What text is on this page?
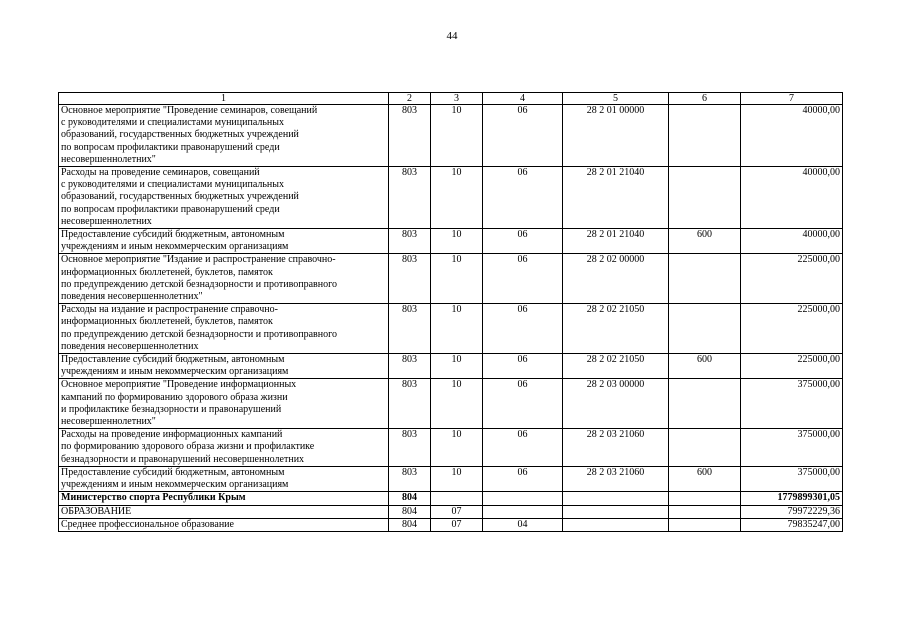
44
1	2	3	4	5	6	7
Основное мероприятие "Проведение семинаров, совещаний
с руководителями и специалистами муниципальных
образований, государственных бюджетных учреждений
по вопросам профилактики правонарушений среди
несовершеннолетних"	803	10	06	28 2 01 00000		40000,00
Расходы на проведение семинаров, совещаний
с руководителями и специалистами муниципальных
образований, государственных бюджетных учреждений
по вопросам профилактики правонарушений среди
несовершеннолетних	803	10	06	28 2 01 21040		40000,00
Предоставление субсидий бюджетным, автономным
учреждениям и иным некоммерческим организациям	803	10	06	28 2 01 21040	600	40000,00
Основное мероприятие "Издание и распространение справочно-
информационных бюллетеней, буклетов, памяток
по предупреждению детской безнадзорности и противоправного
поведения несовершеннолетних"	803	10	06	28 2 02 00000		225000,00
Расходы на издание и распространение справочно-
информационных бюллетеней, буклетов, памяток
по предупреждению детской безнадзорности и противоправного
поведения несовершеннолетних	803	10	06	28 2 02 21050		225000,00
Предоставление субсидий бюджетным, автономным
учреждениям и иным некоммерческим организациям	803	10	06	28 2 02 21050	600	225000,00
Основное мероприятие "Проведение информационных
кампаний по формированию здорового образа жизни
и профилактике безнадзорности и правонарушений
несовершеннолетних"	803	10	06	28 2 03 00000		375000,00
Расходы на проведение информационных кампаний
по формированию здорового образа жизни и профилактике
безнадзорности и правонарушений несовершеннолетних	803	10	06	28 2 03 21060		375000,00
Предоставление субсидий бюджетным, автономным
учреждениям и иным некоммерческим организациям	803	10	06	28 2 03 21060	600	375000,00
Министерство спорта Республики Крым	804					1779899301,05
ОБРАЗОВАНИЕ	804	07				79972229,36
Среднее профессиональное образование	804	07	04			79835247,00
